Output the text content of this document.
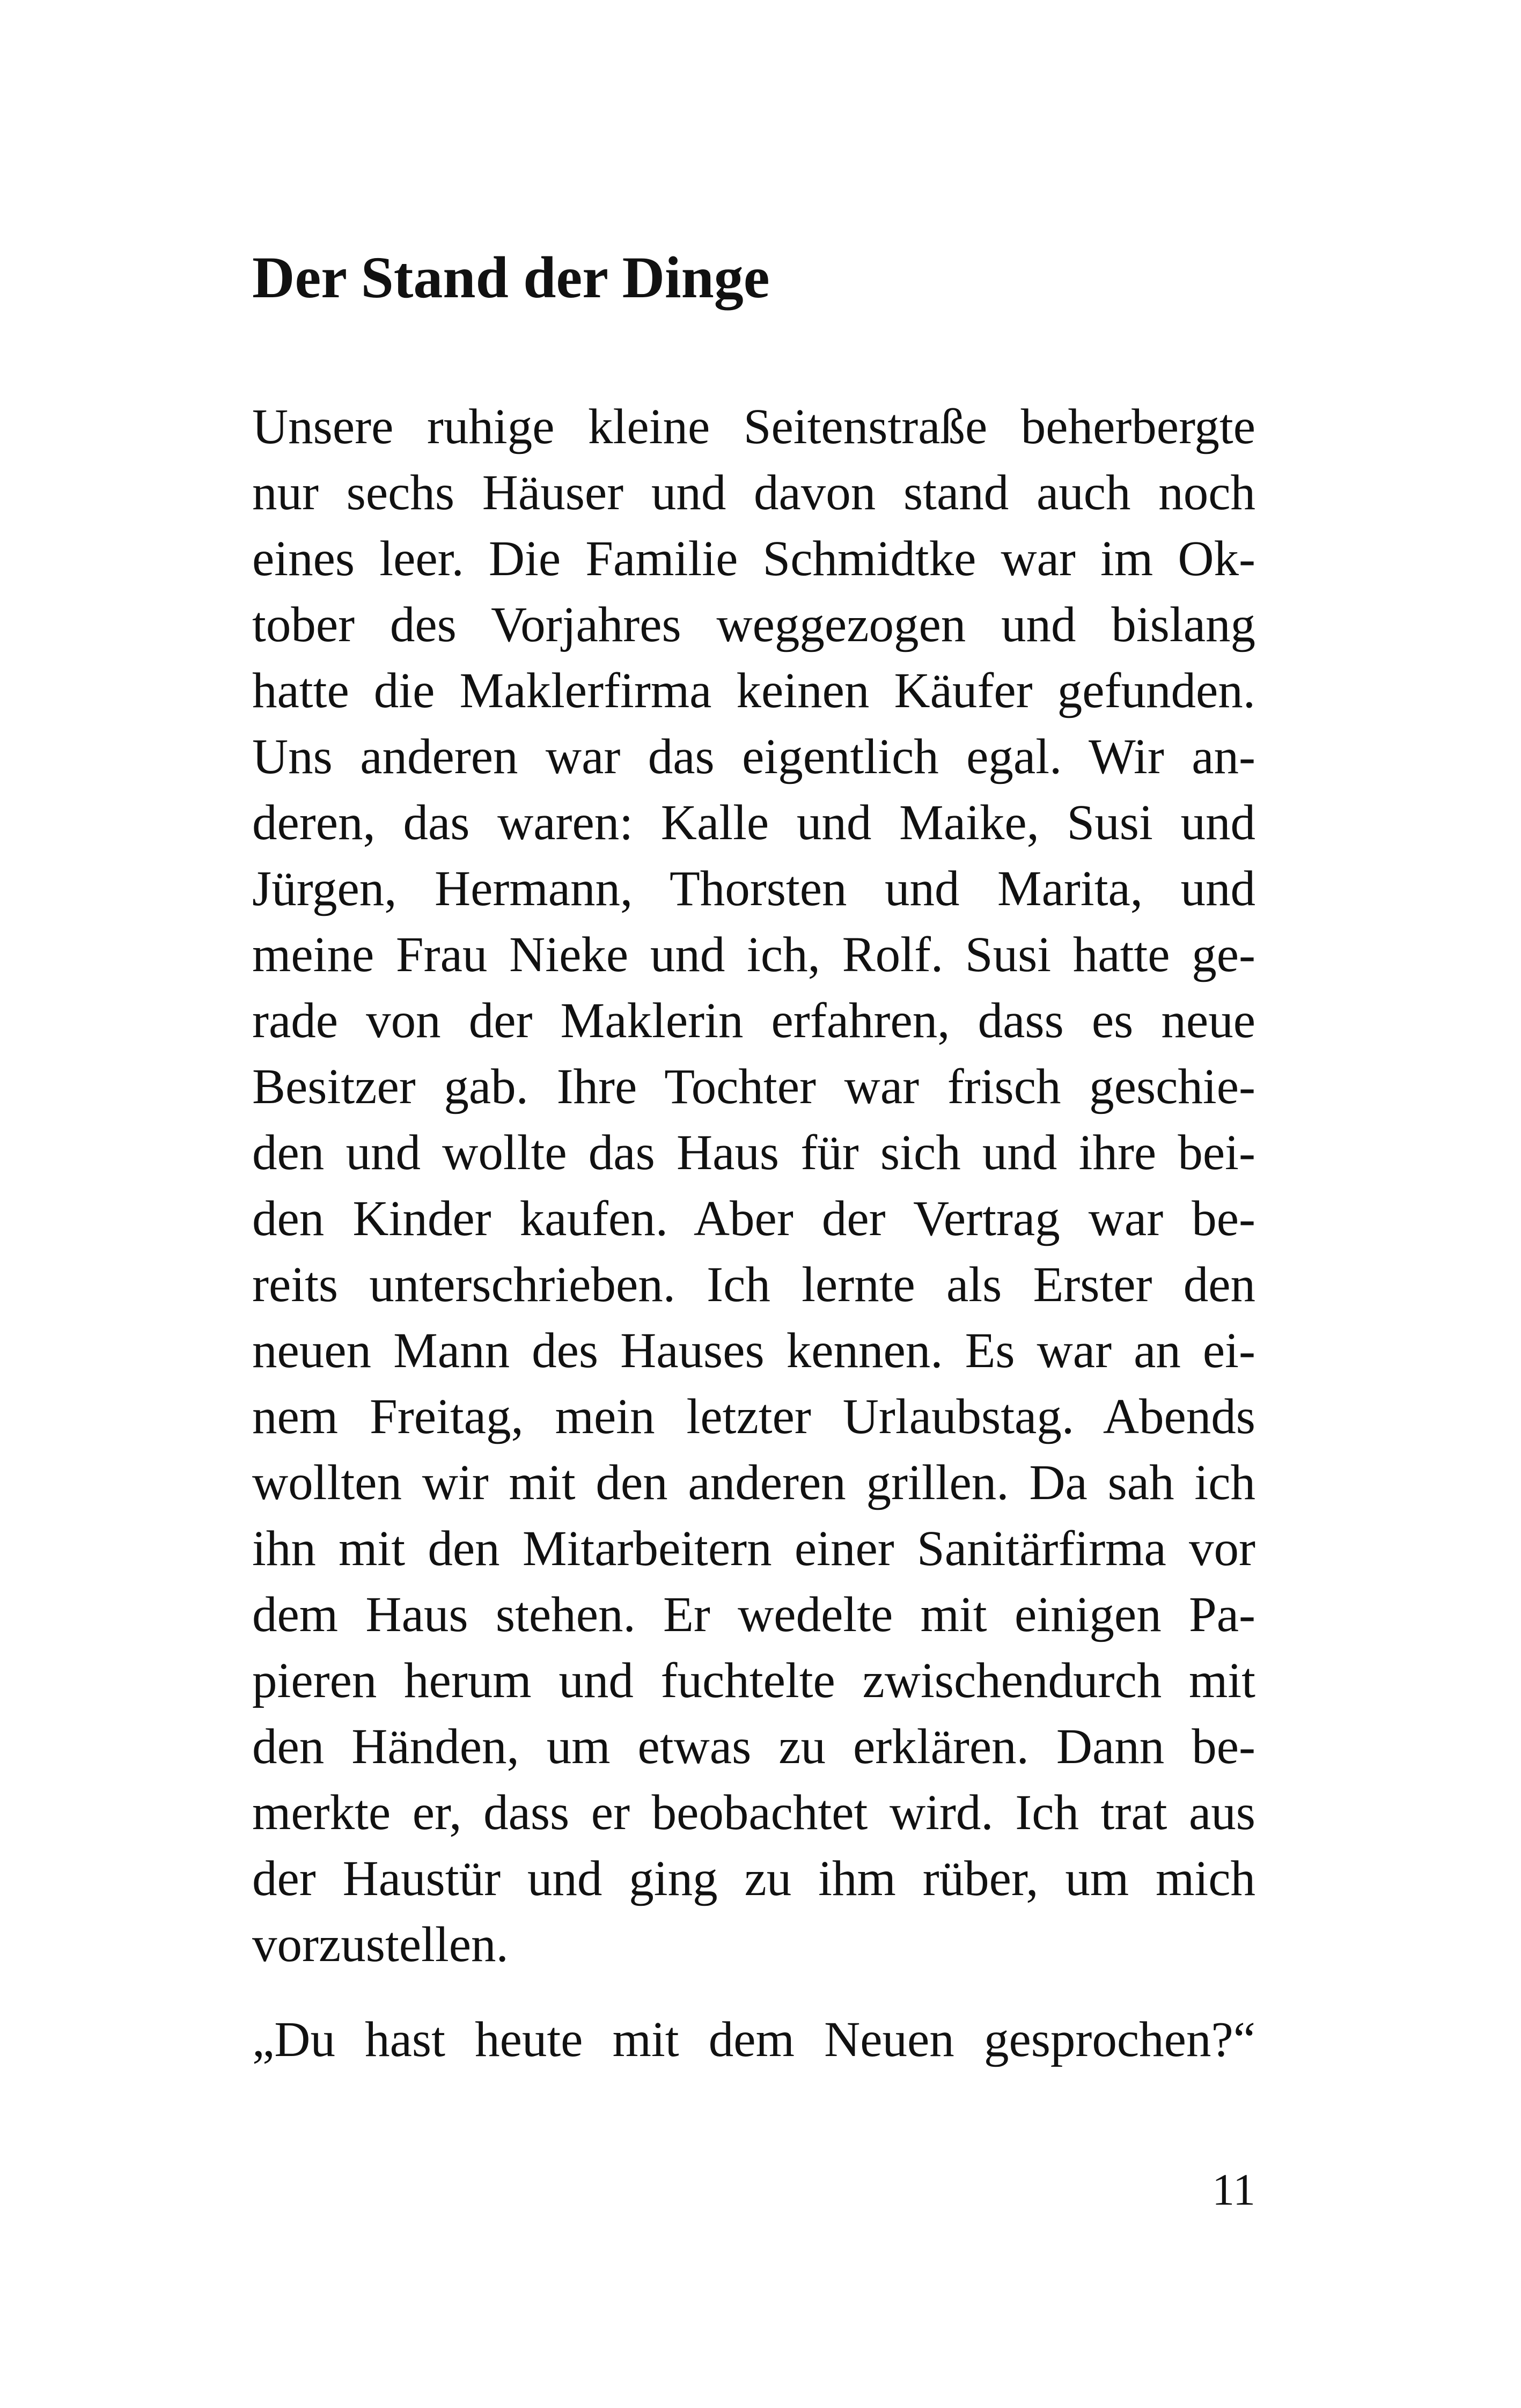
Der Stand der Dinge
Unsere ruhige kleine Seitenstraße beherbergte
nur sechs Häuser und davon stand auch noch
eines leer. Die Familie Schmidtke war im Ok-
tober des Vorjahres weggezogen und bislang
hatte die Maklerfirma keinen Käufer gefunden.
Uns anderen war das eigentlich egal. Wir an-
deren, das waren: Kalle und Maike, Susi und
Jürgen, Hermann, Thorsten und Marita, und
meine Frau Nieke und ich, Rolf. Susi hatte ge-
rade von der Maklerin erfahren, dass es neue
Besitzer gab. Ihre Tochter war frisch geschie-
den und wollte das Haus für sich und ihre bei-
den Kinder kaufen. Aber der Vertrag war be-
reits unterschrieben. Ich lernte als Erster den
neuen Mann des Hauses kennen. Es war an ei-
nem Freitag, mein letzter Urlaubstag. Abends
wollten wir mit den anderen grillen. Da sah ich
ihn mit den Mitarbeitern einer Sanitärfirma vor
dem Haus stehen. Er wedelte mit einigen Pa-
pieren herum und fuchtelte zwischendurch mit
den Händen, um etwas zu erklären. Dann be-
merkte er, dass er beobachtet wird. Ich trat aus
der Haustür und ging zu ihm rüber, um mich
vorzustellen.
„Du hast heute mit dem Neuen gesprochen?“
11
